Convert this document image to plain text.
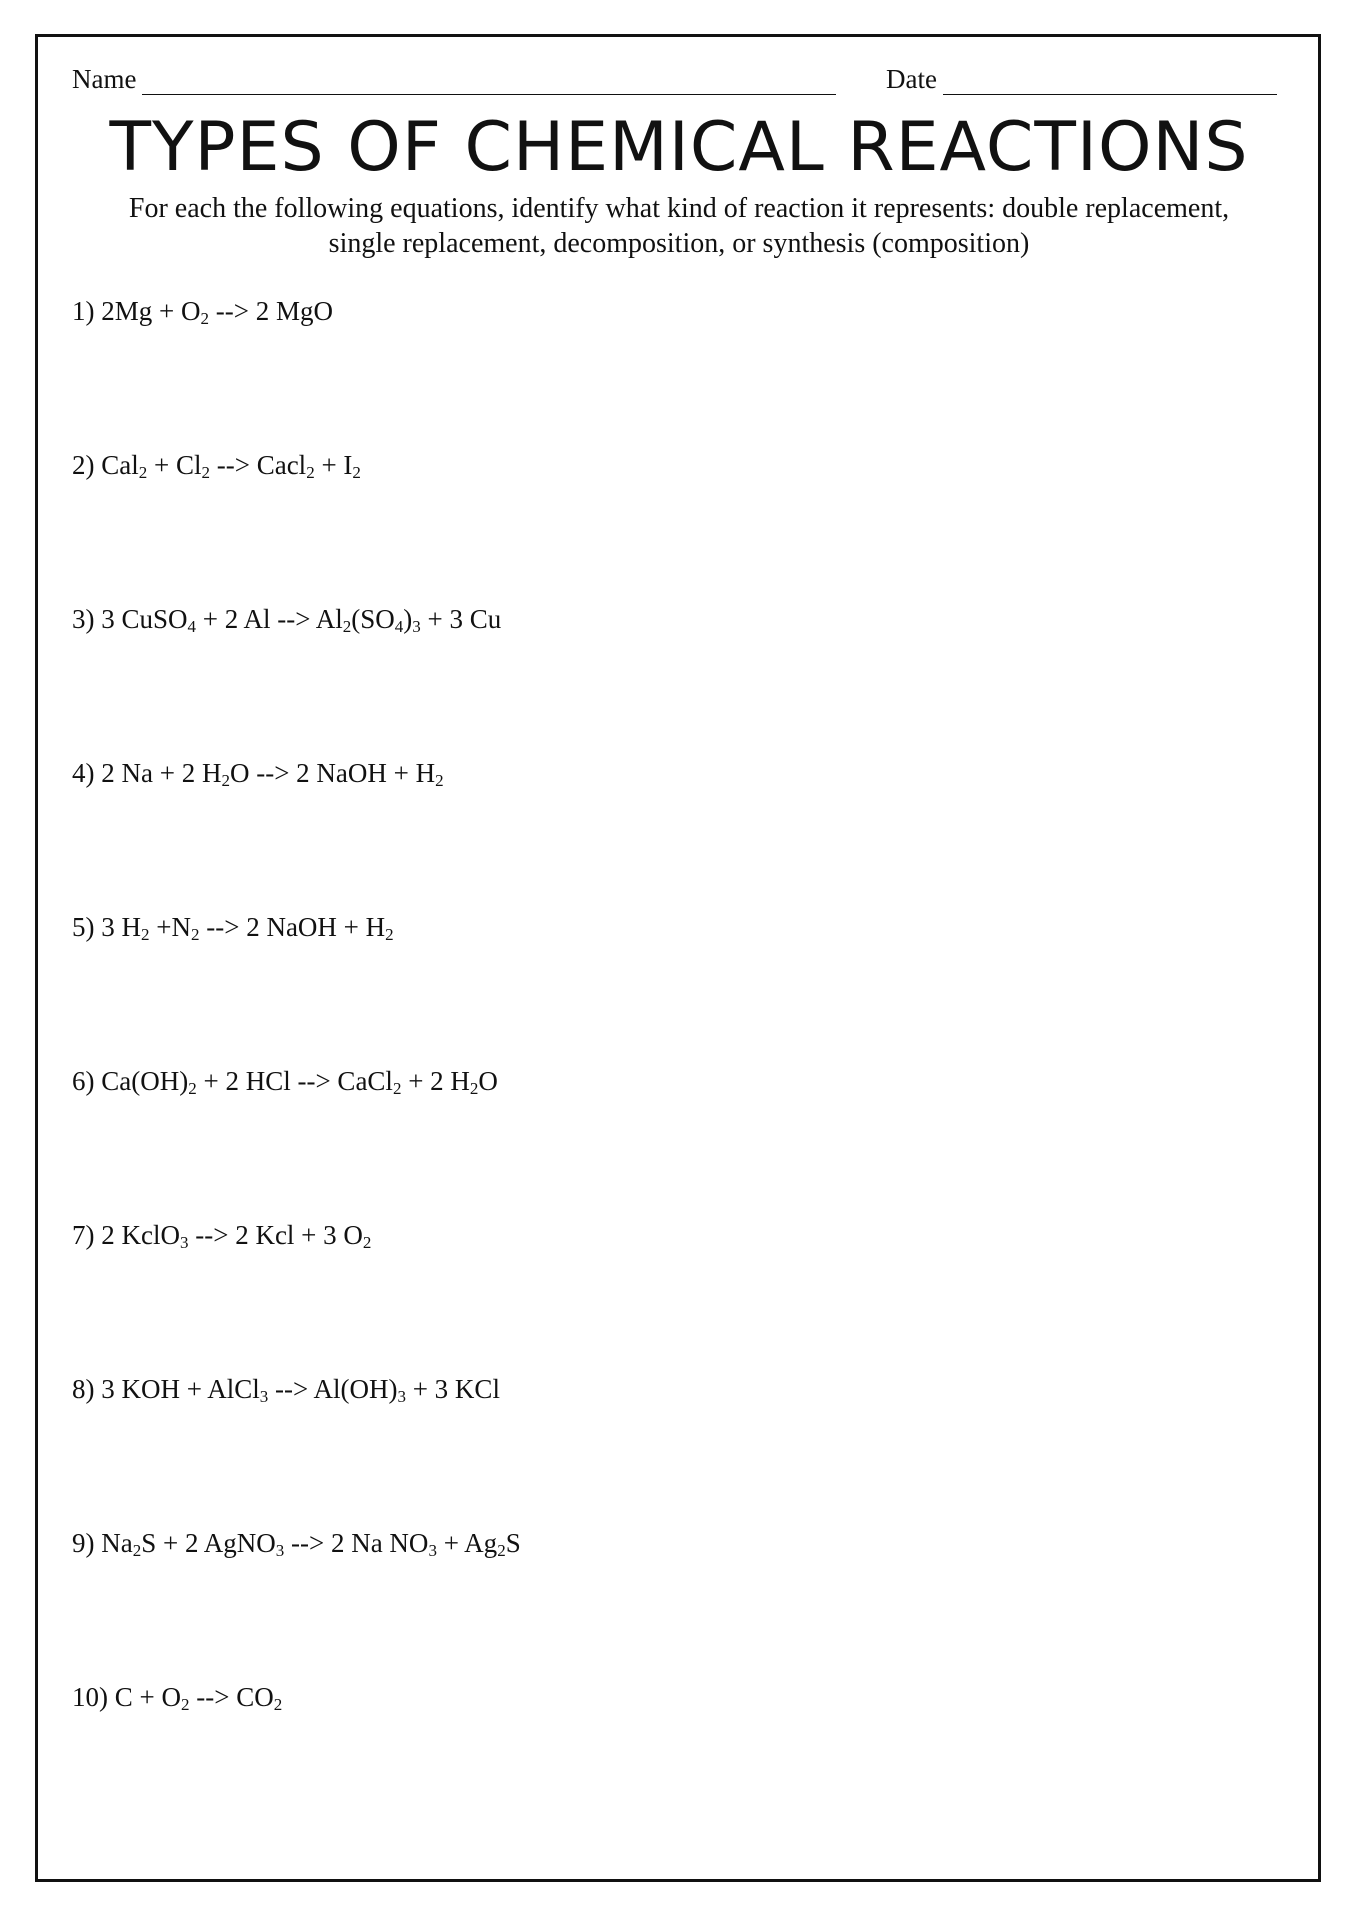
Name	Date
TYPES OF CHEMICAL REACTIONS
For each the following equations, identify what kind of reaction it represents: double replacement, single replacement, decomposition, or synthesis (composition)
1) $2Mg + O_2$ --> 2 MgO
2) $Cal_2 + Cl_2$ --> Cacl$_2$ + $I_2$
3) 3 CuSO$_4$ + 2 Al --> $Al_2(SO_4)_3 + 3$ Cu
4) 2 Na + 2 $H_2O$ --> 2 NaOH + $H_2$
5) 3 $H_2 +N_2$ --> 2 NaOH + $H_2$
6) $Ca(OH)_2 + 2$ HCl --> CaCl$_2$ + 2 $H_2O$
7) 2 KclO$_3$ --> 2 Kcl + 3 $O_2$
8) 3 KOH + AlCl$_3$ --> $Al(OH)_3 + 3$ KCl
9) $Na_2S + 2$ AgNO$_3$ --> 2 Na $NO_3 + Ag_2S$
10) $C + O_2$ --> $CO_2$
